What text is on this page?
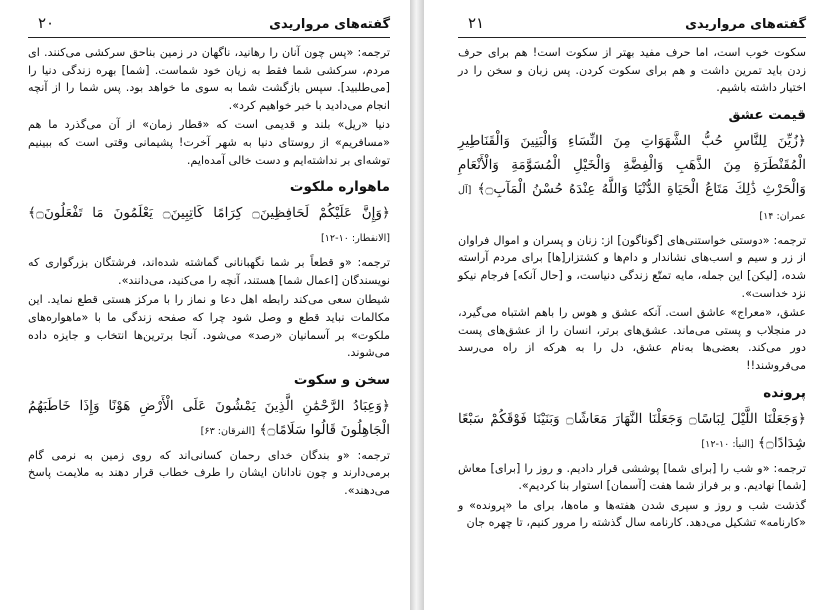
گفته‌های مرواریدی
۲۰

ترجمه: «پس چون آنان را رهانید، ناگهان در زمین بناحق سرکشی می‌کنند. ای مردم، سرکشی شما فقط به زیان خود شماست. [شما] بهره زندگی دنیا را [می‌طلبید]. سپس بازگشت شما به سوی ما خواهد بود. پس شما را از آنچه انجام می‌دادید با خبر خواهیم کرد».

دنیا «ریل» بلند و قدیمی است که «قطار زمان» از آن می‌گذرد ما هم «مسافریم» از روستای دنیا به شهر آخرت! پشیمانی وقتی است که ببینیم توشه‌ای بر نداشته‌ایم و دست خالی آمده‌ایم.

ماهواره ملکوت

﴿وَإِنَّ عَلَيْكُمْ لَحَافِظِينَ۝ كِرَامًا كَاتِبِينَ۝ يَعْلَمُونَ مَا تَفْعَلُونَ۝﴾ [الانفطار: ۱۰-۱۲]

ترجمه: «و قطعاً بر شما نگهبانانی گماشته شده‌اند، فرشتگان بزرگواری که نویسندگان [اعمال شما] هستند، آنچه را می‌کنید، می‌دانند».

شیطان سعی می‌کند رابطه اهل دعا و نماز را با مرکز هستی قطع نماید. این مکالمات نباید قطع و وصل شود چرا که صفحه زندگی ما با «ماهواره‌های ملکوت» بر آسمانیان «رصد» می‌شود. آنجا برترین‌ها انتخاب و جایزه داده می‌شوند.

سخن و سکوت

﴿وَعِبَادُ الرَّحْمَٰنِ الَّذِينَ يَمْشُونَ عَلَى الْأَرْضِ هَوْنًا وَإِذَا خَاطَبَهُمُ الْجَاهِلُونَ قَالُوا سَلَامًا۝﴾ [الفرقان: ۶۳]

ترجمه: «و بندگان خدای رحمان کسانی‌اند که روی زمین به نرمی گام برمی‌دارند و چون نادانان ایشان را طرف خطاب قرار دهند به ملایمت پاسخ می‌دهند».

گفته‌های مرواریدی
۲۱

سکوت خوب است، اما حرف مفید بهتر از سکوت است! هم برای حرف زدن باید تمرین داشت و هم برای سکوت کردن. پس زبان و سخن را در اختیار داشته باشیم.

قیمت عشق

﴿زُيِّنَ لِلنَّاسِ حُبُّ الشَّهَوَاتِ مِنَ النِّسَاءِ وَالْبَنِينَ وَالْقَنَاطِيرِ الْمُقَنْطَرَةِ مِنَ الذَّهَبِ وَالْفِضَّةِ وَالْخَيْلِ الْمُسَوَّمَةِ وَالْأَنْعَامِ وَالْحَرْثِ ذَٰلِكَ مَتَاعُ الْحَيَاةِ الدُّنْيَا وَاللَّهُ عِنْدَهُ حُسْنُ الْمَآبِ۝﴾ [آل عمران: ۱۴]

ترجمه: «دوستی خواستنی‌های [گوناگون] از: زنان و پسران و اموال فراوان از زر و سیم و اسب‌های نشاندار و دام‌ها و کشتزار[ها] برای مردم آراسته شده، [لیکن] این جمله، مایه تمتّع زندگی دنیاست، و [حال آنکه] فرجام نیکو نزد خداست».

عشق، «معراج» عاشق است. آنکه عشق و هوس را باهم اشتباه می‌گیرد، در منجلاب و پستی می‌ماند. عشق‌های برتر، انسان را از عشق‌های پست دور می‌کند. بعضی‌ها به‌نام عشق، دل را به هرکه از راه می‌رسد می‌فروشند!!

پرونده

﴿وَجَعَلْنَا اللَّيْلَ لِبَاسًا۝ وَجَعَلْنَا النَّهَارَ مَعَاشًا۝ وَبَنَيْنَا فَوْقَكُمْ سَبْعًا شِدَادًا۝﴾ [النبأ: ۱۰-۱۲]

ترجمه: «و شب را [برای شما] پوششی قرار دادیم. و روز را [برای] معاش [شما] نهادیم. و بر فراز شما هفت [آسمان] استوار بنا کردیم».

گذشت شب و روز و سپری شدن هفته‌ها و ماه‌ها، برای ما «پرونده» و «کارنامه» تشکیل می‌دهد. کارنامه سال گذشته را مرور کنیم، تا چهره جان
